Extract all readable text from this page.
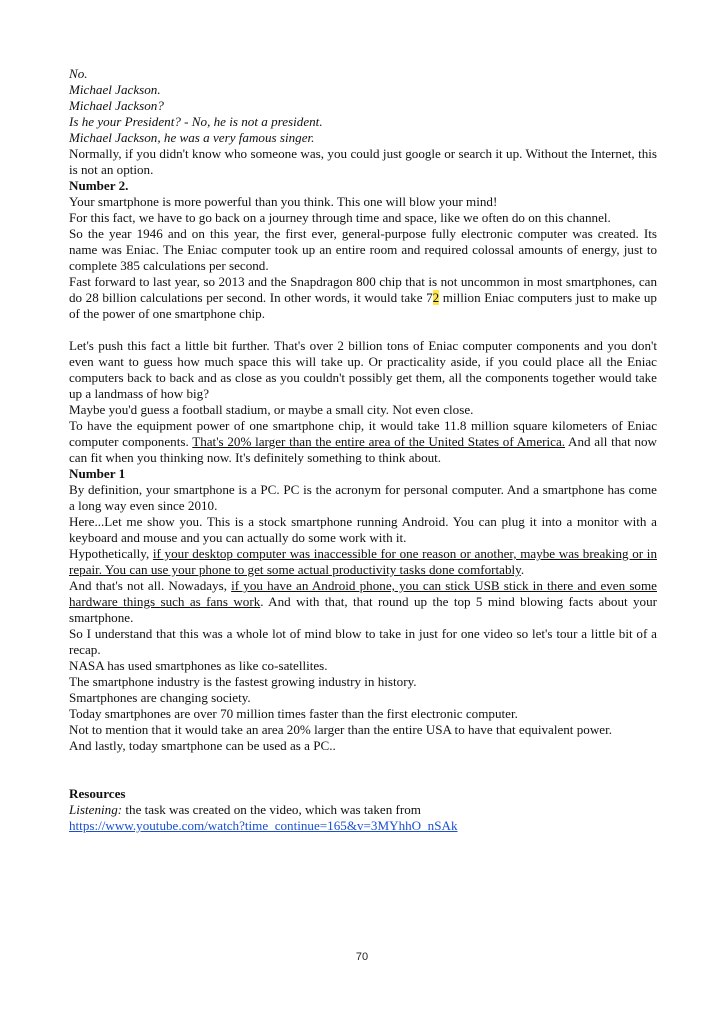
No.

Michael Jackson.

Michael Jackson?

Is he your President? - No, he is not a president.

Michael Jackson, he was a very famous singer.

Normally, if you didn't know who someone was, you could just google or search it up. Without the Internet, this is not an option.

Number 2.

Your smartphone is more powerful than you think. This one will blow your mind!

For this fact, we have to go back on a journey through time and space, like we often do on this channel.

So the year 1946 and on this year, the first ever, general-purpose fully electronic computer was created. Its name was Eniac. The Eniac computer took up an entire room and required colossal amounts of energy, just to complete 385 calculations per second.

Fast forward to last year, so 2013 and the Snapdragon 800 chip that is not uncommon in most smartphones, can do 28 billion calculations per second. In other words, it would take 72 million Eniac computers just to make up of the power of one smartphone chip.

Let's push this fact a little bit further. That's over 2 billion tons of Eniac computer components and you don't even want to guess how much space this will take up. Or practicality aside, if you could place all the Eniac computers back to back and as close as you couldn't possibly get them, all the components together would take up a landmass of how big?

Maybe you'd guess a football stadium, or maybe a small city. Not even close.

To have the equipment power of one smartphone chip, it would take 11.8 million square kilometers of Eniac computer components. That's 20% larger than the entire area of the United States of America. And all that now can fit when you thinking now. It's definitely something to think about.

Number 1

By definition, your smartphone is a PC. PC is the acronym for personal computer. And a smartphone has come a long way even since 2010.

Here...Let me show you. This is a stock smartphone running Android. You can plug it into a monitor with a keyboard and mouse and you can actually do some work with it.

Hypothetically, if your desktop computer was inaccessible for one reason or another, maybe was breaking or in repair. You can use your phone to get some actual productivity tasks done comfortably.

And that's not all. Nowadays, if you have an Android phone, you can stick USB stick in there and even some hardware things such as fans work. And with that, that round up the top 5 mind blowing facts about your smartphone.

So I understand that this was a whole lot of mind blow to take in just for one video so let's tour a little bit of a recap.

NASA has used smartphones as like co-satellites.

The smartphone industry is the fastest growing industry in history.

Smartphones are changing society.

Today smartphones are over 70 million times faster than the first electronic computer.

Not to mention that it would take an area 20% larger than the entire USA to have that equivalent power.

And lastly, today smartphone can be used as a PC..

Resources

Listening: the task was created on the video, which was taken from

https://www.youtube.com/watch?time_continue=165&v=3MYhhO_nSAk

70
